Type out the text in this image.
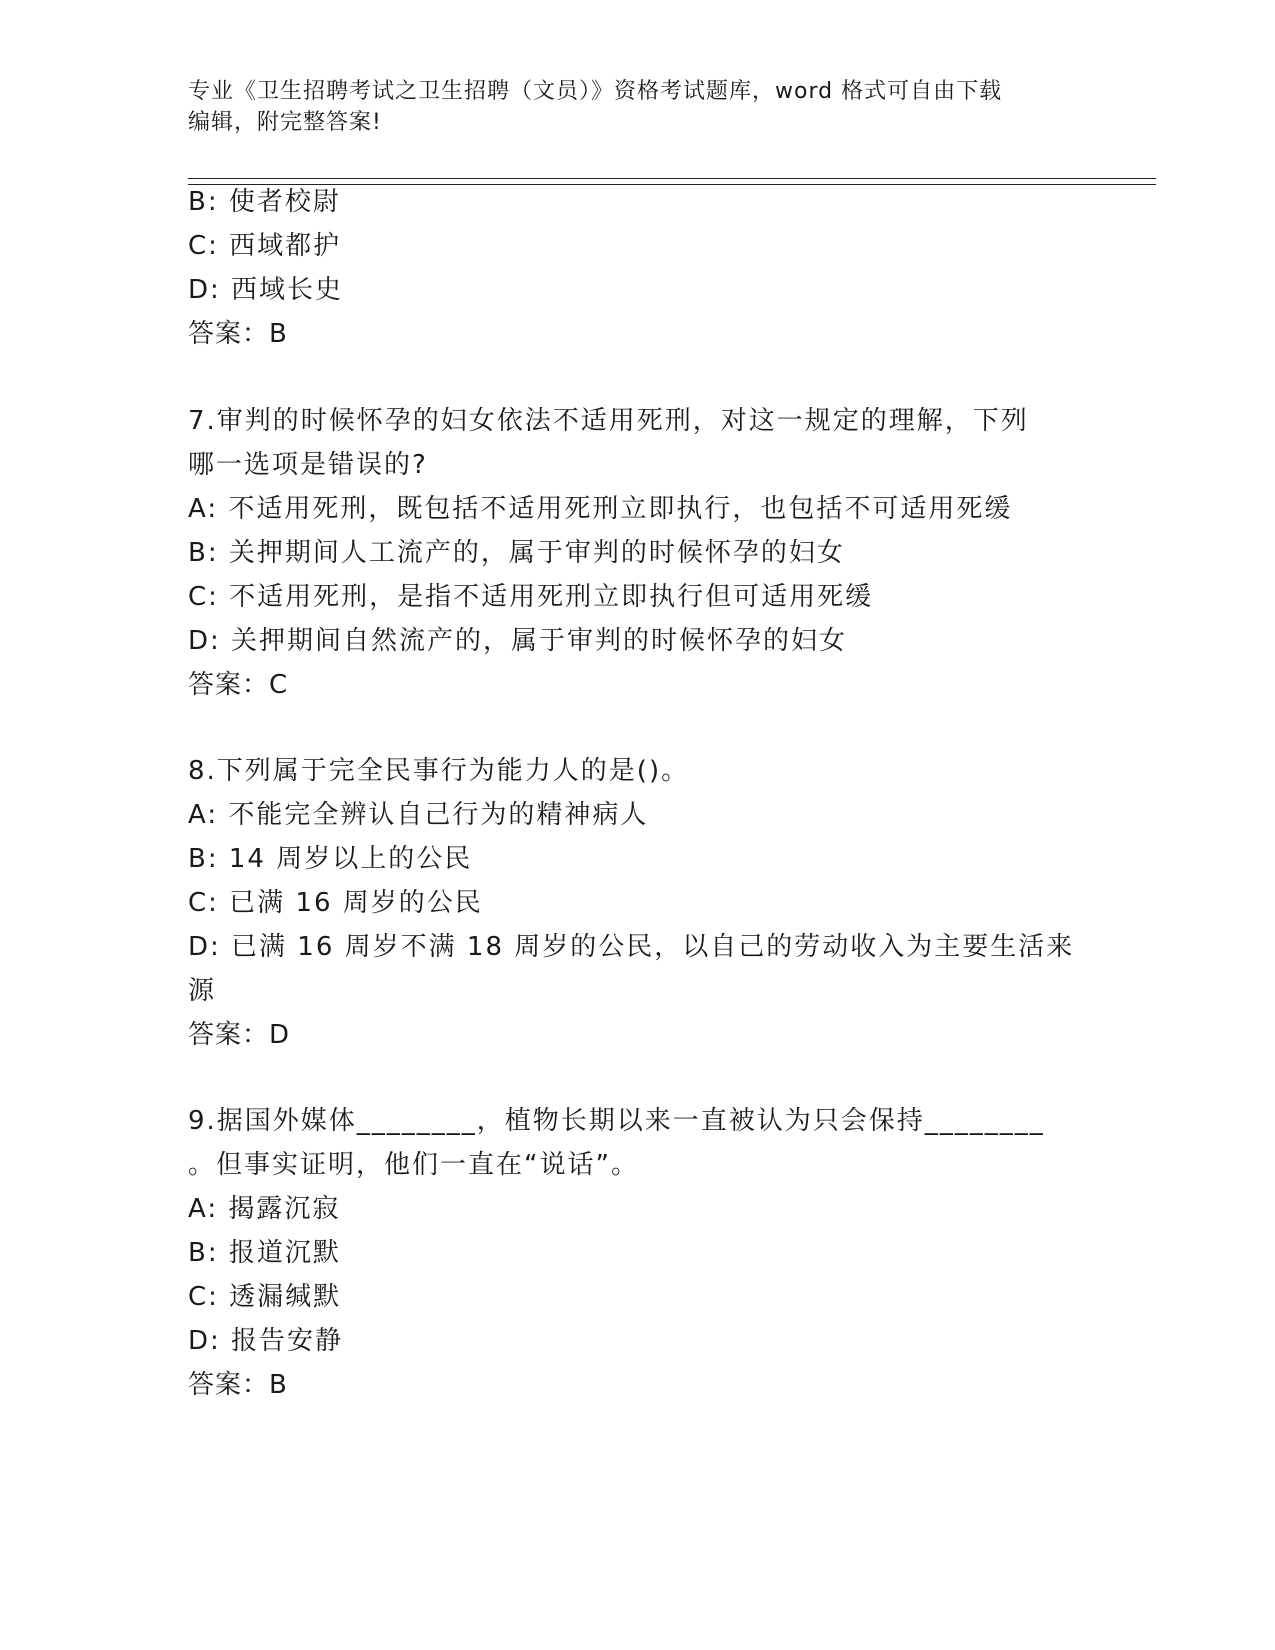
专业《卫生招聘考试之卫生招聘（文员）》资格考试题库，word 格式可自由下载
编辑，附完整答案!
B: 使者校尉
C: 西域都护
D: 西域长史
答案：B
7.审判的时候怀孕的妇女依法不适用死刑，对这一规定的理解，下列
哪一选项是错误的?
A: 不适用死刑，既包括不适用死刑立即执行，也包括不可适用死缓
B: 关押期间人工流产的，属于审判的时候怀孕的妇女
C: 不适用死刑，是指不适用死刑立即执行但可适用死缓
D: 关押期间自然流产的，属于审判的时候怀孕的妇女
答案：C
8.下列属于完全民事行为能力人的是()。
A: 不能完全辨认自己行为的精神病人
B: 14 周岁以上的公民
C: 已满 16 周岁的公民
D: 已满 16 周岁不满 18 周岁的公民，以自己的劳动收入为主要生活来
源
答案：D
9.据国外媒体________，植物长期以来一直被认为只会保持________
。但事实证明，他们一直在“说话”。
A: 揭露沉寂
B: 报道沉默
C: 透漏缄默
D: 报告安静
答案：B
